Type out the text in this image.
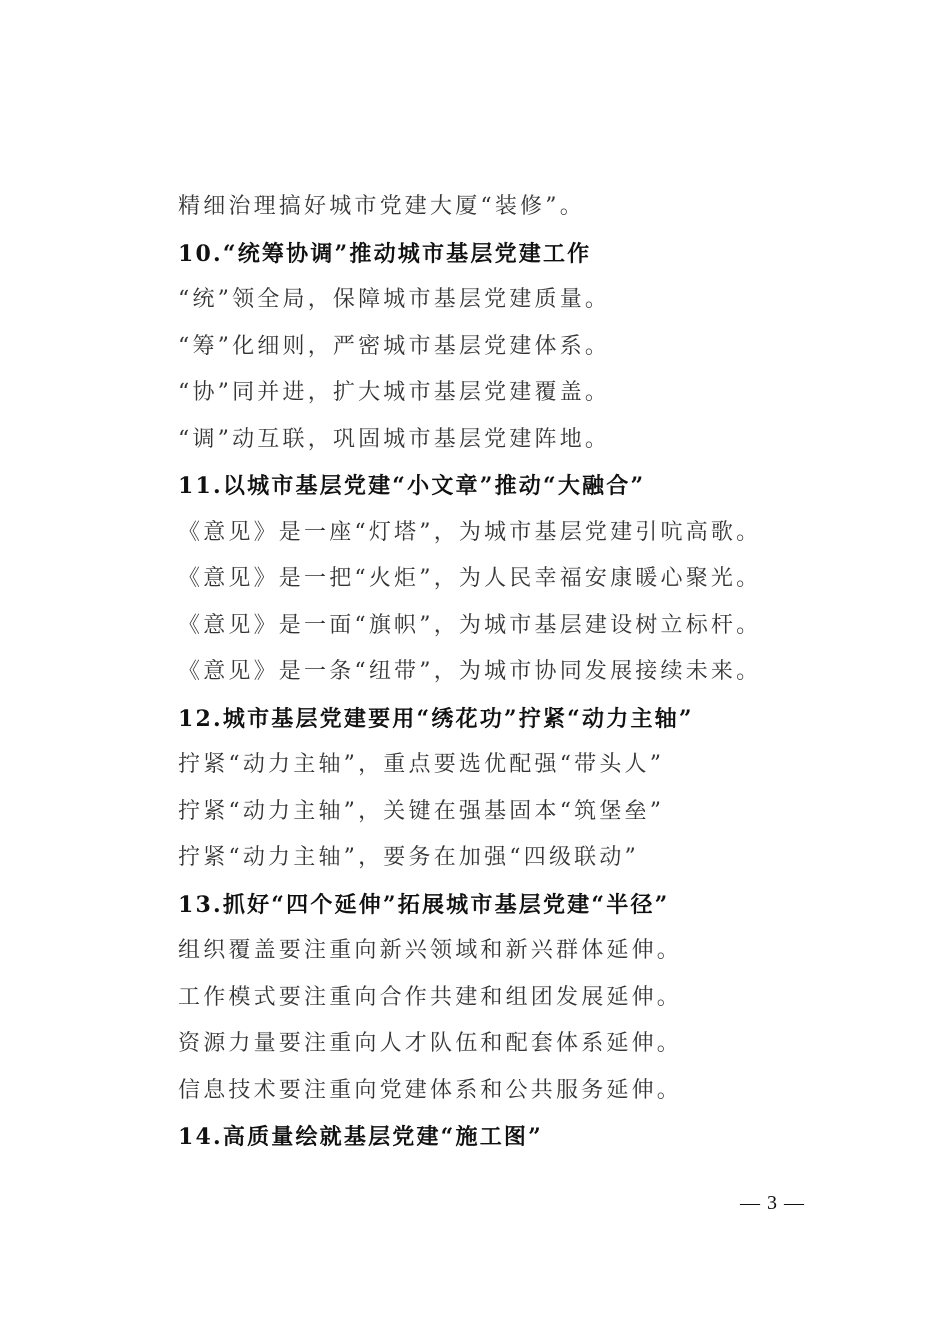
精细治理搞好城市党建大厦“装修”。
10.“统筹协调”推动城市基层党建工作
“统”领全局，保障城市基层党建质量。
“筹”化细则，严密城市基层党建体系。
“协”同并进，扩大城市基层党建覆盖。
“调”动互联，巩固城市基层党建阵地。
11.以城市基层党建“小文章”推动“大融合”
《意见》是一座“灯塔”，为城市基层党建引吭高歌。
《意见》是一把“火炬”，为人民幸福安康暖心聚光。
《意见》是一面“旗帜”，为城市基层建设树立标杆。
《意见》是一条“纽带”，为城市协同发展接续未来。
12.城市基层党建要用“绣花功”拧紧“动力主轴”
拧紧“动力主轴”，重点要选优配强“带头人”
拧紧“动力主轴”，关键在强基固本“筑堡垒”
拧紧“动力主轴”，要务在加强“四级联动”
13.抓好“四个延伸”拓展城市基层党建“半径”
组织覆盖要注重向新兴领域和新兴群体延伸。
工作模式要注重向合作共建和组团发展延伸。
资源力量要注重向人才队伍和配套体系延伸。
信息技术要注重向党建体系和公共服务延伸。
14.高质量绘就基层党建“施工图”
— 3 —
